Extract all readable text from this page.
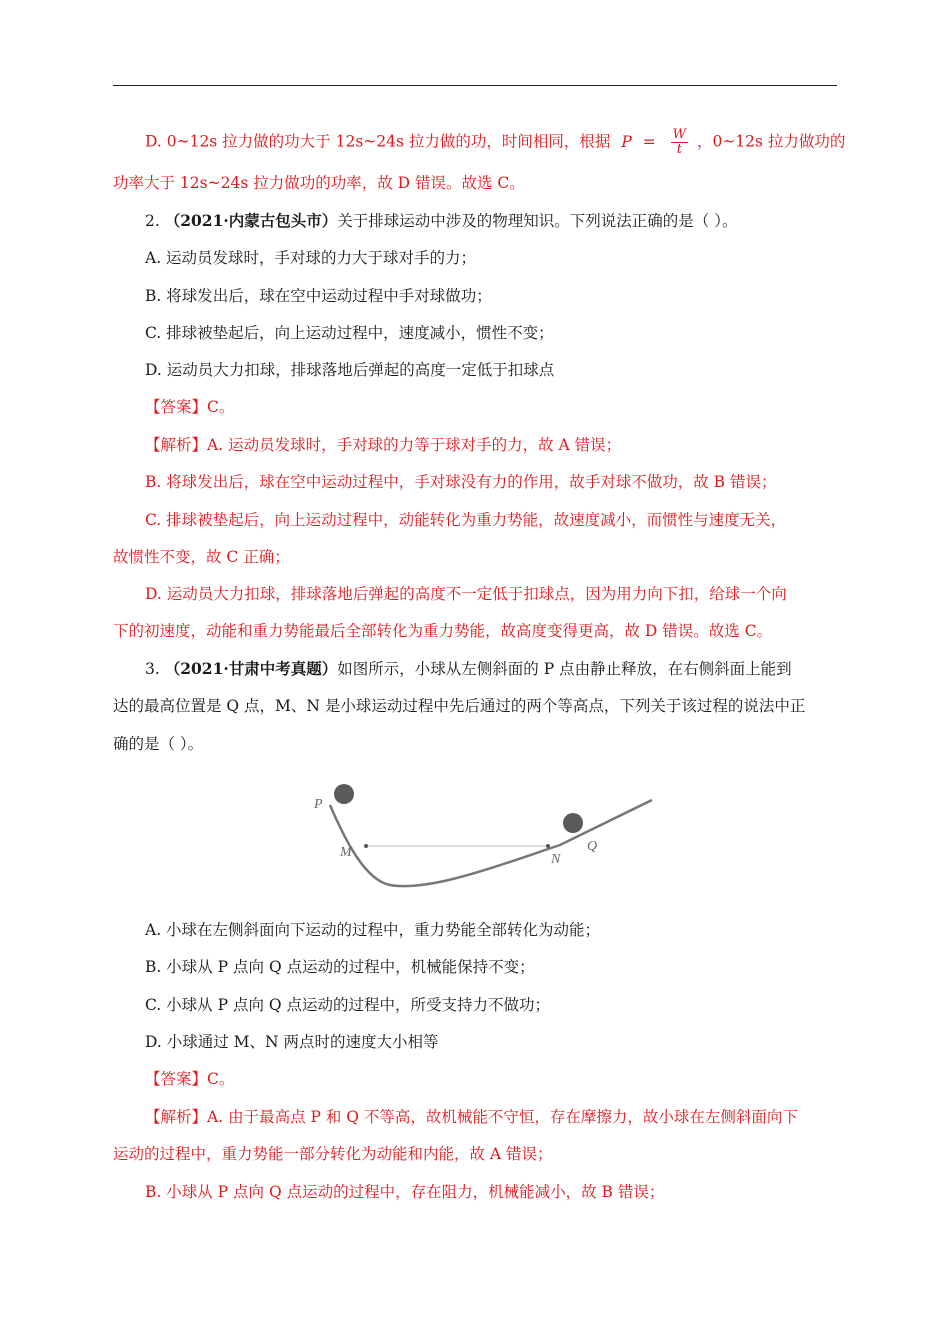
D. 0~12s 拉力做的功大于 12s~24s 拉力做的功，时间相同，根据 $P = \frac{W}{t}$ ，0~12s 拉力做功的
功率大于 12s~24s 拉力做功的功率，故 D 错误。故选 C。
2. （2021·内蒙古包头市）关于排球运动中涉及的物理知识。下列说法正确的是（ ）。
A. 运动员发球时，手对球的力大于球对手的力；
B. 将球发出后，球在空中运动过程中手对球做功；
C. 排球被垫起后，向上运动过程中，速度减小，惯性不变；
D. 运动员大力扣球，排球落地后弹起的高度一定低于扣球点
【答案】C。
【解析】A. 运动员发球时，手对球的力等于球对手的力，故 A 错误；
B. 将球发出后，球在空中运动过程中，手对球没有力的作用，故手对球不做功，故 B 错误；
C. 排球被垫起后，向上运动过程中，动能转化为重力势能，故速度减小，而惯性与速度无关，
故惯性不变，故 C 正确；
D. 运动员大力扣球，排球落地后弹起的高度不一定低于扣球点，因为用力向下扣，给球一个向
下的初速度，动能和重力势能最后全部转化为重力势能，故高度变得更高，故 D 错误。故选 C。
3. （2021·甘肃中考真题）如图所示，小球从左侧斜面的 P 点由静止释放，在右侧斜面上能到
达的最高位置是 Q 点，M、N 是小球运动过程中先后通过的两个等高点，下列关于该过程的说法中正
确的是（ ）。
P
M	N
Q
A. 小球在左侧斜面向下运动的过程中，重力势能全部转化为动能；
B. 小球从 P 点向 Q 点运动的过程中，机械能保持不变；
C. 小球从 P 点向 Q 点运动的过程中，所受支持力不做功；
D. 小球通过 M、N 两点时的速度大小相等
【答案】C。
【解析】A. 由于最高点 P 和 Q 不等高，故机械能不守恒，存在摩擦力，故小球在左侧斜面向下
运动的过程中，重力势能一部分转化为动能和内能，故 A 错误；
B. 小球从 P 点向 Q 点运动的过程中，存在阻力，机械能减小，故 B 错误；
